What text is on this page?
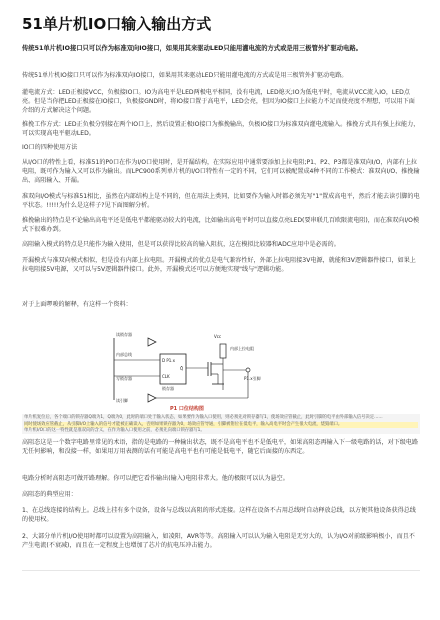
51单片机IO口输入输出方式

传统51单片机IO接口只可以作为标准双向IO接口，如果用其来驱动LED只能用灌电流的方式或是用三极管外扩驱动电路。

传统51单片机IO接口只可以作为标准双向IO接口，如果用其来驱动LED只能用灌电流的方式或是用三极管外扩驱动电路。

灌电流方式：LED正极接VCC，负极接IO口。IO为高电平是LED两极电平相同，没有电流，LED熄灭;IO为低电平时，电流从VCC流入IO，LED点亮。但是当你把LED正极接在IO接口，负极接GND时，将IO接口置于高电平，LED会亮，但因为IO接口上拉能力不足而使亮度不理想，可以用下面介绍的方式解决这个问题。

推挽工作方式：LED正负极分别接在两个IO口上，然后设置正极IO接口为推挽输出，负极IO接口为标准双向灌电流输入。推挽方式具有强上拉能力，可以实现高电平驱动LED。

IO口的四种使用方法

从I/O口的特性上看，标准51的P0口在作为I/O口使用时，是开漏结构，在实际应用中通常要添加上拉电阻;P1、P2、P3都是准双向I/O，内部有上拉电阻，既可作为输入又可以作为输出。而LPC900系列单片机的I/O口特性有一定的不同，它们可以被配置成4种不同的工作模式：准双向I/O、推挽输出、高阻输入、开漏。

准双向I/O模式与标准51相比，虽然在内部结构上是不同的，但在用法上类同，比如要作为输入时都必须先写"1"置成高电平，然后才能去读引脚的电平状态。!!!!!为什么是这样子?见下面图解分析。

推挽输出的特点是不论输出高电平还是低电平都能驱动较大的电流，比如输出高电平时可以直接点亮LED(要串联几百欧限流电阻)，而在准双向I/O模式下很难办到。

高阻输入模式的特点是只能作为输入使用，但是可以获得比较高的输入阻抗，这在模拟比较器和ADC应用中是必需的。

开漏模式与准双向模式相似，但是没有内部上拉电阻。开漏模式的优点是电气兼容性好，外部上拉电阻接3V电源，就能和3V逻辑器件接口，如果上拉电阻接5V电源，又可以与5V逻辑器件接口。此外，开漏模式还可以方便地实现"线与"逻辑功能。

对于上面啰唆的解释，有这样一个资料：

读锁存器
内部总线
写锁存器
读引脚
D P1.x
CLK
Q̄
锁存器
Vcc
内部上拉电阻
P1.x引脚
P1 口位结构图
单片机复位后，各个端口的锁存器Q端为1，Q̄端为0，此时的端口处于输入状态，如果要作为输入口使用，则必须先对锁存器写1，使场效应管截止，此时引脚的电平由外部输入信号决定……
同时使场效应管截止，从引脚I/O上输入的信号才能被正确读入，否则如果锁存器为0，场效应管导通，引脚被钳位在低电平，输入高电平时会产生很大电流，烧毁端口。
单片机I/O口的这一特性就是准双向的含义，在作为输入口使用之前，必须先向端口锁存器写1。

高阻态这是一个数字电路里常见的术语，指的是电路的一种输出状态，既不是高电平也不是低电平，如果高阻态再输入下一级电路的话，对下级电路无任何影响，和没接一样，如果用万用表测的话有可能是高电平也有可能是低电平，随它后面接的东西定。

电路分析时高阻态可做开路理解。你可以把它看作输出(输入)电阻非常大。他的极限可以认为悬空。

高阻态的典型应用：

1、在总线连接的结构上。总线上挂有多个设备，设备与总线以高阻的形式连接。这样在设备不占用总线时自动释放总线，以方便其他设备获得总线的使用权。

2、大部分单片机I/O使用时都可以设置为高阻输入，如凌阳，AVR等等。高阻输入可以认为输入电阻是无穷大的，认为I/O对前级影响极小，而且不产生电流(不衰减)，而且在一定程度上也增加了芯片的抗电压冲击能力。
